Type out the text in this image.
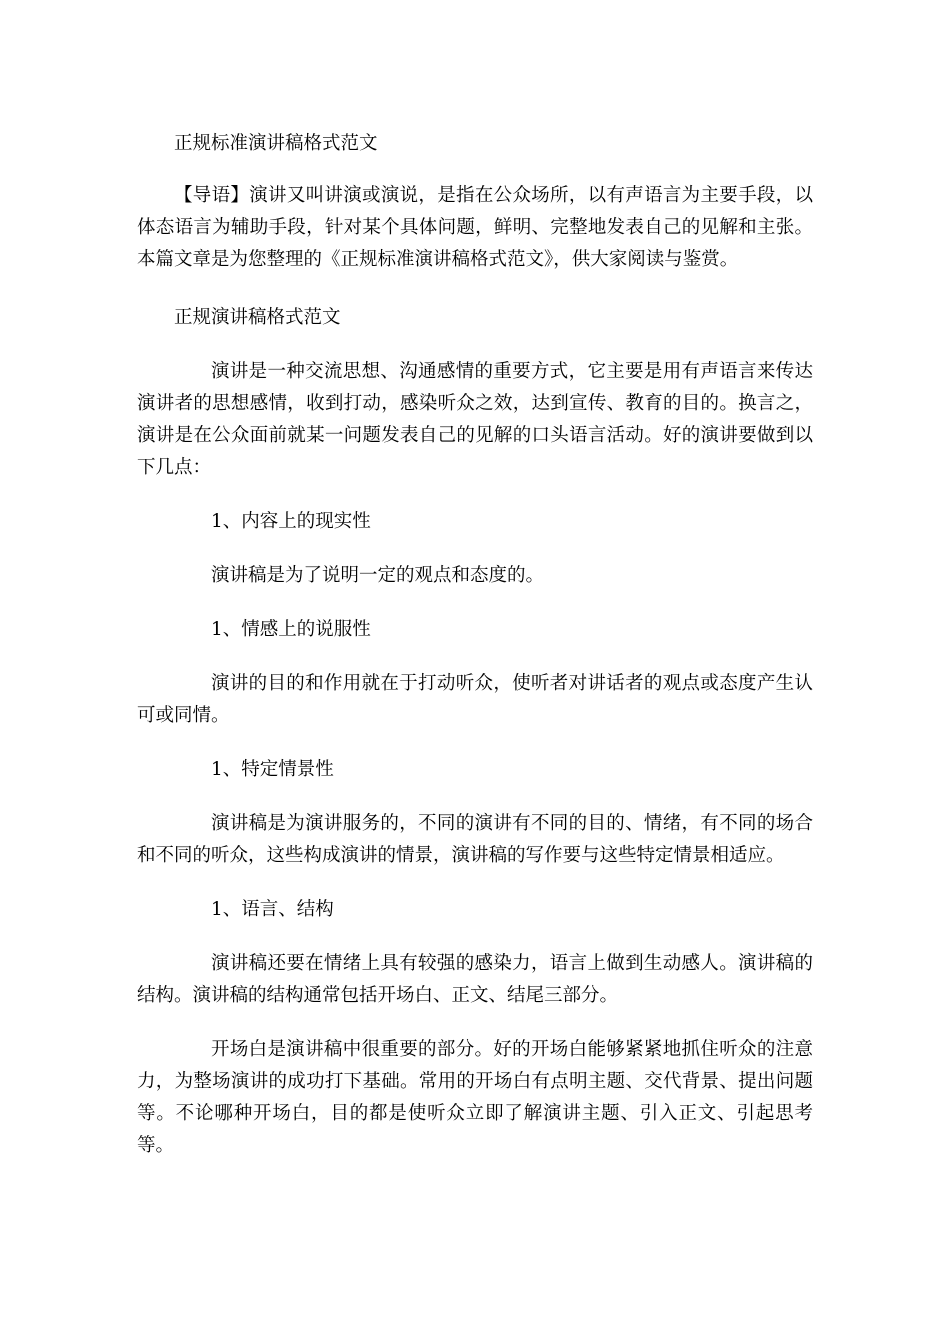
正规标准演讲稿格式范文

【导语】演讲又叫讲演或演说，是指在公众场所，以有声语言为主要手段，以体态语言为辅助手段，针对某个具体问题，鲜明、完整地发表自己的见解和主张。本篇文章是为您整理的《正规标准演讲稿格式范文》，供大家阅读与鉴赏。

正规演讲稿格式范文

演讲是一种交流思想、沟通感情的重要方式，它主要是用有声语言来传达演讲者的思想感情，收到打动，感染听众之效，达到宣传、教育的目的。换言之，演讲是在公众面前就某一问题发表自己的见解的口头语言活动。好的演讲要做到以下几点：

1、内容上的现实性

演讲稿是为了说明一定的观点和态度的。

1、情感上的说服性

演讲的目的和作用就在于打动听众，使听者对讲话者的观点或态度产生认可或同情。

1、特定情景性

演讲稿是为演讲服务的，不同的演讲有不同的目的、情绪，有不同的场合和不同的听众，这些构成演讲的情景，演讲稿的写作要与这些特定情景相适应。

1、语言、结构

演讲稿还要在情绪上具有较强的感染力，语言上做到生动感人。演讲稿的结构。演讲稿的结构通常包括开场白、正文、结尾三部分。

开场白是演讲稿中很重要的部分。好的开场白能够紧紧地抓住听众的注意力，为整场演讲的成功打下基础。常用的开场白有点明主题、交代背景、提出问题等。不论哪种开场白，目的都是使听众立即了解演讲主题、引入正文、引起思考等。
